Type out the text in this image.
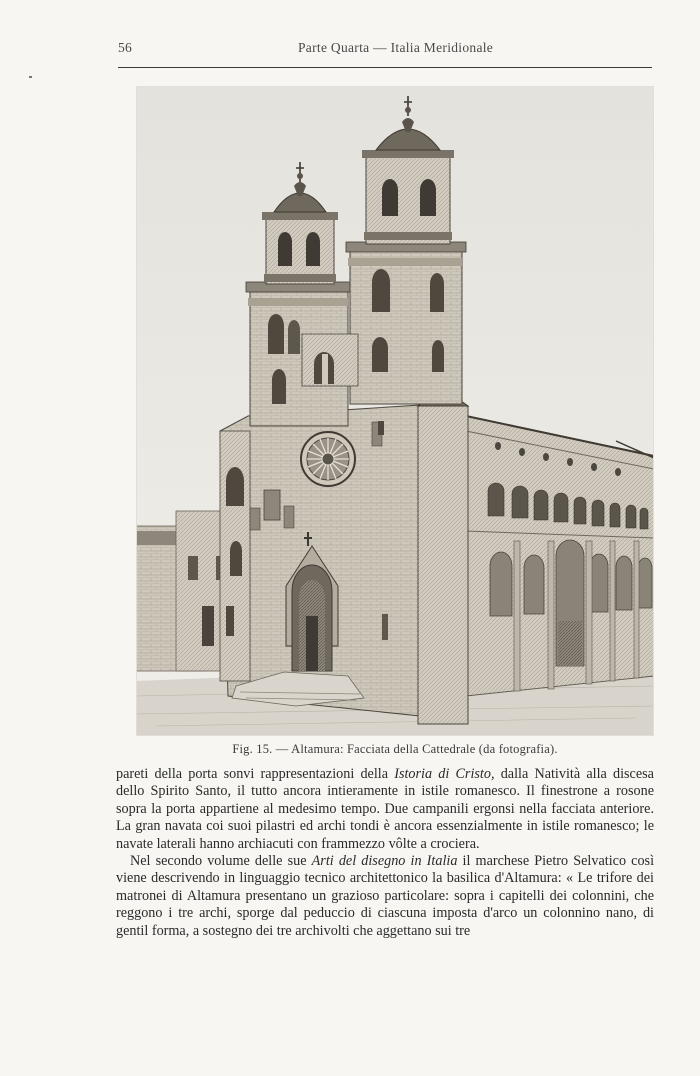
56	Parte Quarta — Italia Meridionale
Fig. 15. — Altamura: Facciata della Cattedrale (da fotografia).

pareti della porta sonvi rappresentazioni della Istoria di Cristo, dalla Natività alla discesa dello Spirito Santo, il tutto ancora intieramente in istile romanesco. Il finestrone a rosone sopra la porta appartiene al medesimo tempo. Due campanili ergonsi nella facciata anteriore. La gran navata coi suoi pilastri ed archi tondi è ancora essenzialmente in istile romanesco; le navate laterali hanno archiacuti con frammezzo vôlte a crociera.

Nel secondo volume delle sue Arti del disegno in Italia il marchese Pietro Selvatico così viene descrivendo in linguaggio tecnico architettonico la basilica d'Altamura: « Le trifore dei matronei di Altamura presentano un grazioso particolare: sopra i capitelli dei colonnini, che reggono i tre archi, sporge dal peduccio di ciascuna imposta d'arco un colonnino nano, di gentil forma, a sostegno dei tre archivolti che aggettano sui tre
